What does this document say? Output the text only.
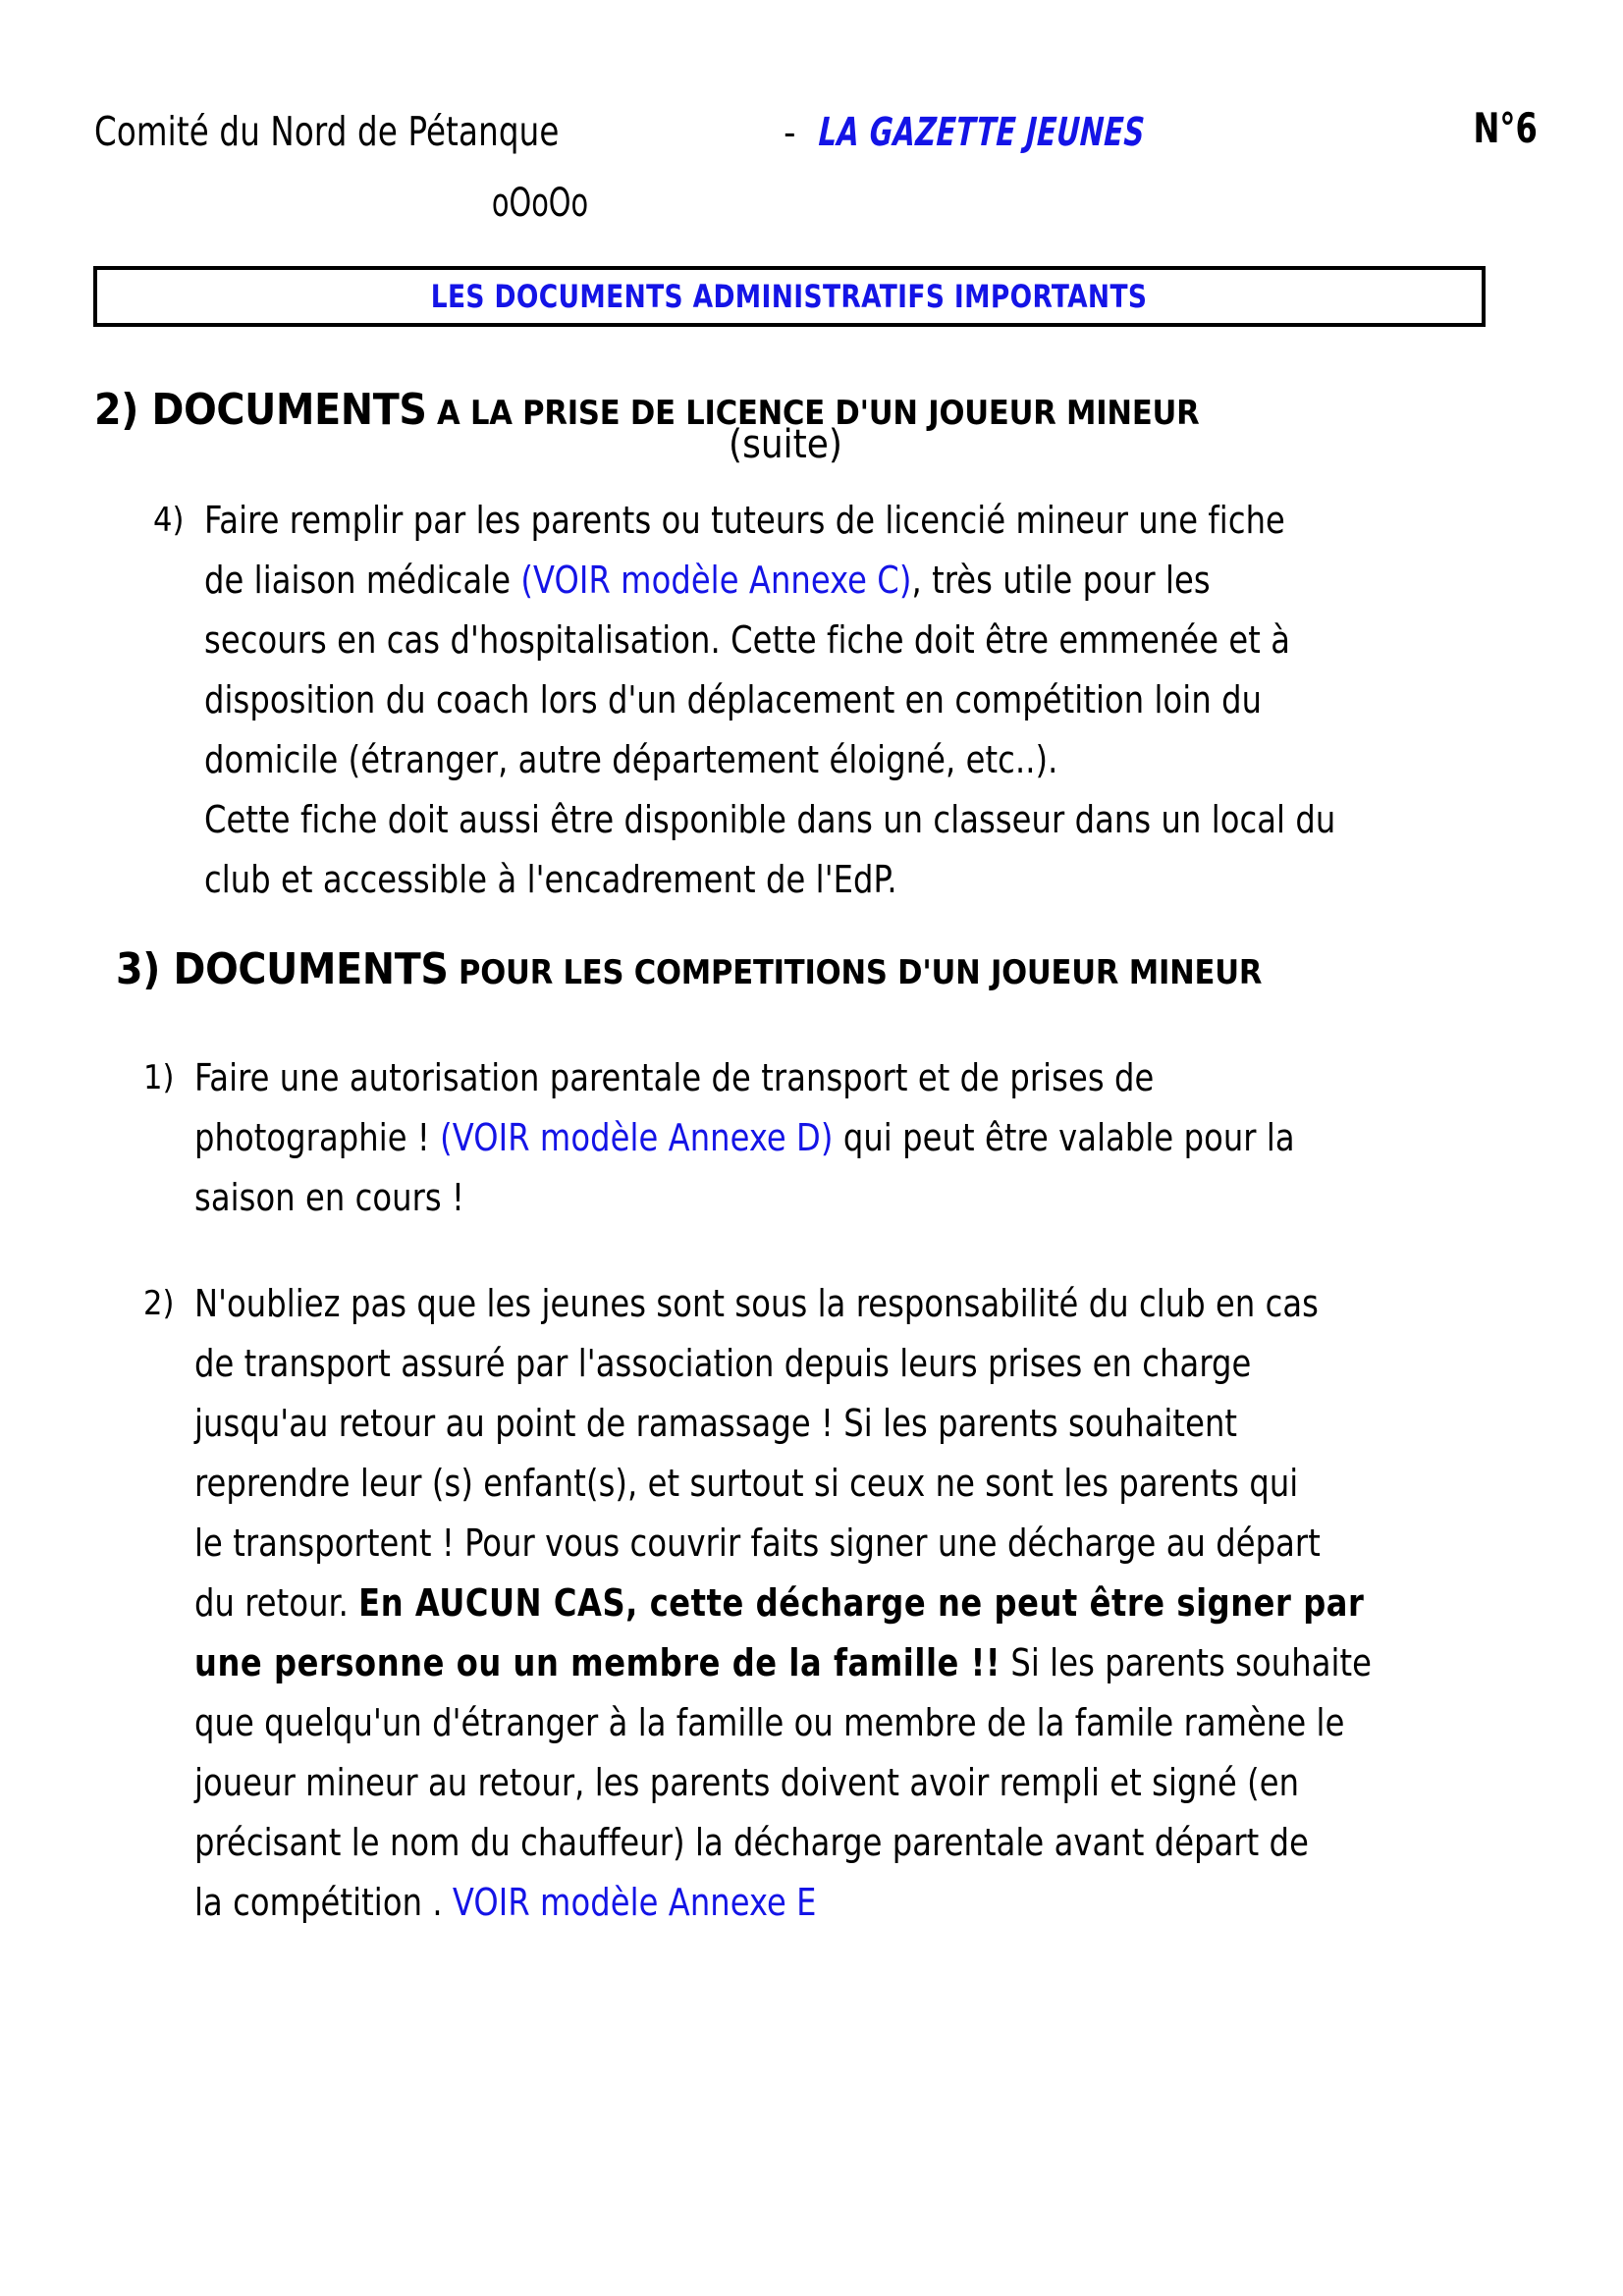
Comité du Nord de Pétanque	- LA GAZETTE JEUNES	N°6
oOoOo
LES DOCUMENTS ADMINISTRATIFS IMPORTANTS
2) DOCUMENTS A LA PRISE DE LICENCE D'UN JOUEUR MINEUR
(suite)
4) Faire remplir par les parents ou tuteurs de licencié mineur une fiche
de liaison médicale (VOIR modèle Annexe C), très utile pour les
secours en cas d'hospitalisation. Cette fiche doit être emmenée et à
disposition du coach lors d'un déplacement en compétition loin du
domicile (étranger, autre département éloigné, etc..).
Cette fiche doit aussi être disponible dans un classeur dans un local du
club et accessible à l'encadrement de l'EdP.
3) DOCUMENTS POUR LES COMPETITIONS D'UN JOUEUR MINEUR
1) Faire une autorisation parentale de transport et de prises de
photographie ! (VOIR modèle Annexe D) qui peut être valable pour la
saison en cours !
2) N'oubliez pas que les jeunes sont sous la responsabilité du club en cas
de transport assuré par l'association depuis leurs prises en charge
jusqu'au retour au point de ramassage ! Si les parents souhaitent
reprendre leur (s) enfant(s), et surtout si ceux ne sont les parents qui
le transportent ! Pour vous couvrir faits signer une décharge au départ
du retour. En AUCUN CAS, cette décharge ne peut être signer par
une personne ou un membre de la famille !! Si les parents souhaite
que quelqu'un d'étranger à la famille ou membre de la famile ramène le
joueur mineur au retour, les parents doivent avoir rempli et signé (en
précisant le nom du chauffeur) la décharge parentale avant départ de
la compétition . VOIR modèle Annexe E
